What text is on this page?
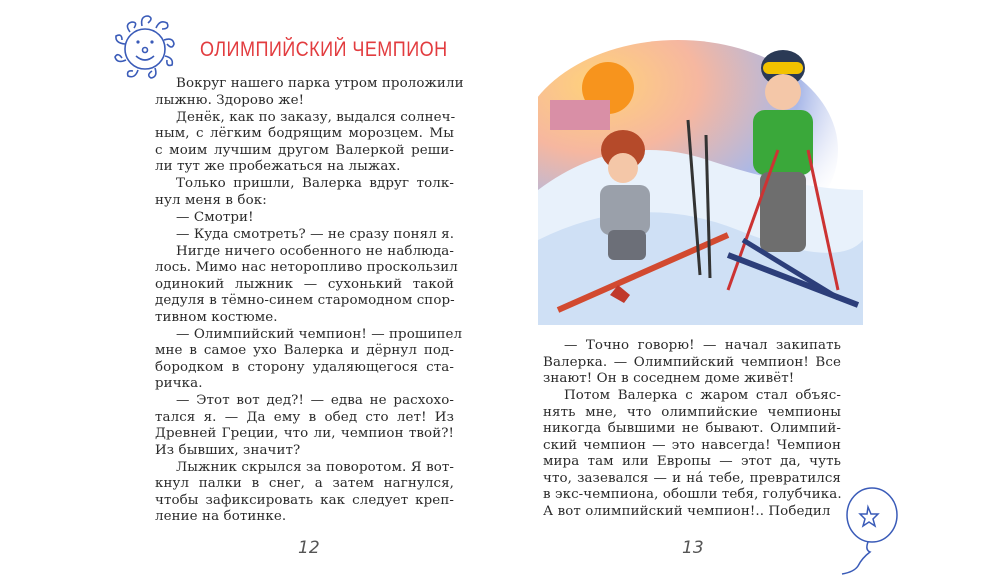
ОЛИМПИЙСКИЙ ЧЕМПИОН
Вокруг нашего парка утром проложили
лыжню. Здорово же!
Денёк, как по заказу, выдался солнеч-
ным, с лёгким бодрящим морозцем. Мы
с моим лучшим другом Валеркой реши-
ли тут же пробежаться на лыжах.
Только пришли, Валерка вдруг толк-
нул меня в бок:
— Смотри!
— Куда смотреть? — не сразу понял я.
Нигде ничего особенного не наблюда-
лось. Мимо нас неторопливо проскользил
одинокий лыжник — сухонький такой
дедуля в тёмно-синем старомодном спор-
тивном костюме.
— Олимпийский чемпион! — прошипел
мне в самое ухо Валерка и дёрнул под-
бородком в сторону удаляющегося ста-
ричка.
— Этот вот дед?! — едва не расхохо-
тался я. — Да ему в обед сто лет! Из
Древней Греции, что ли, чемпион твой?!
Из бывших, значит?
Лыжник скрылся за поворотом. Я вот-
кнул палки в снег, а затем нагнулся,
чтобы зафиксировать как следует креп-
ление на ботинке.
— Точно говорю! — начал закипать
Валерка. — Олимпийский чемпион! Все
знают! Он в соседнем доме живёт!
Потом Валерка с жаром стал объяс-
нять мне, что олимпийские чемпионы
никогда бывшими не бывают. Олимпий-
ский чемпион — это навсегда! Чемпион
мира там или Европы — этот да, чуть
что, зазевался — и нá тебе, превратился
в экс-чемпиона, обошли тебя, голубчика.
А вот олимпийский чемпион!.. Победил
12	13
